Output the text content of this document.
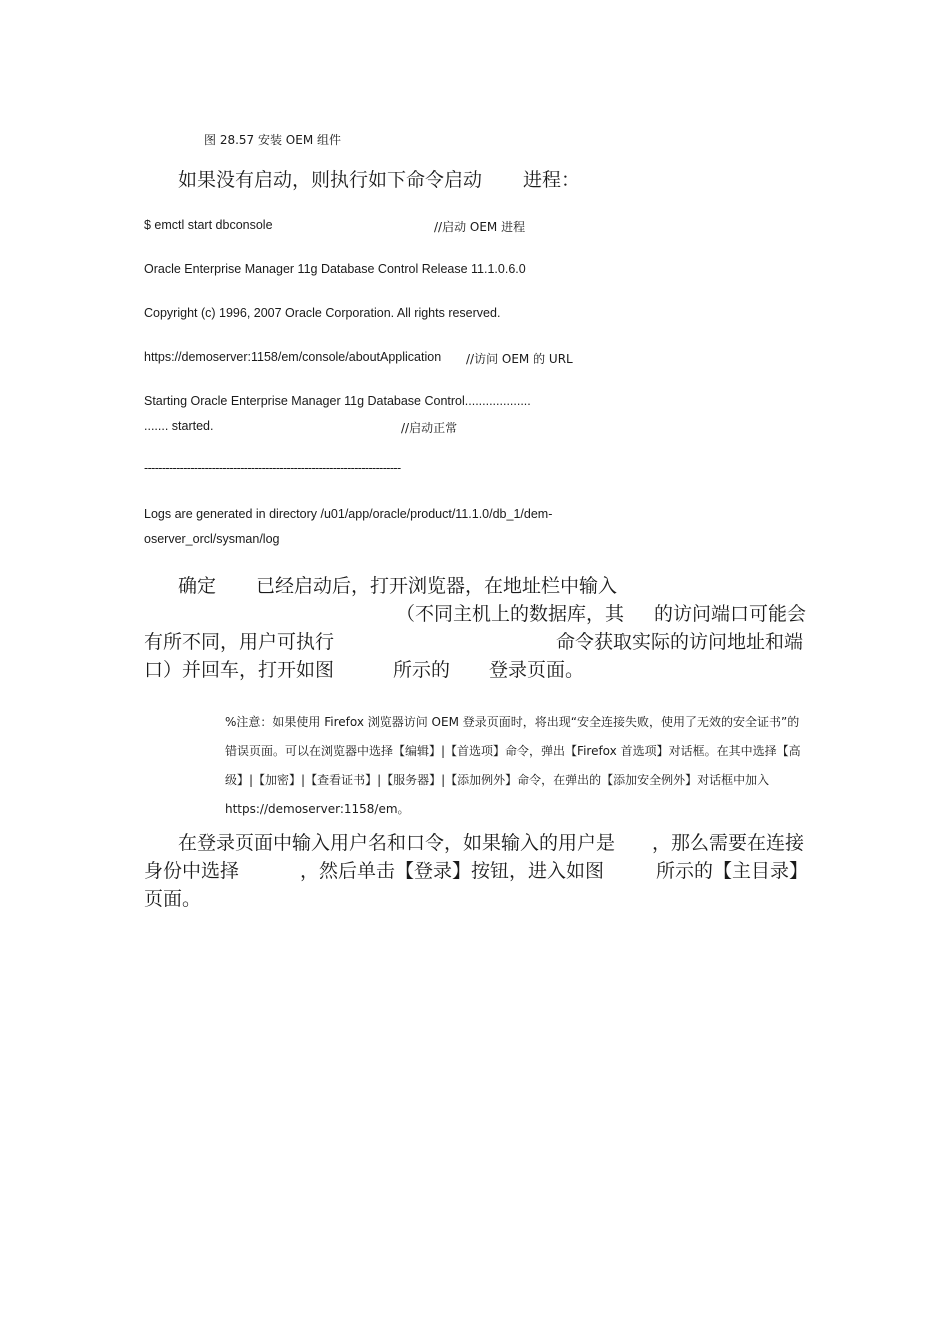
图 28.57 安装 OEM 组件
如果没有启动，则执行如下命令启动 进程：
$ emctl start dbconsole	//启动 OEM 进程
Oracle Enterprise Manager 11g Database Control Release 11.1.0.6.0
Copyright (c) 1996, 2007 Oracle Corporation. All rights reserved.
https://demoserver:1158/em/console/aboutApplication //访问 OEM 的 URL
Starting Oracle Enterprise Manager 11g Database Control...................
....... started.	//启动正常
------------------------------------------------------------------------
Logs are generated in directory /u01/app/oracle/product/11.1.0/db_1/dem-
oserver_orcl/sysman/log
确定 已经启动后，打开浏览器，在地址栏中输入
（不同主机上的数据库，其 的访问端口可能会
有所不同，用户可执行	命令获取实际的访问地址和端
口）并回车，打开如图	所示的 登录页面。
%注意：如果使用 Firefox 浏览器访问 OEM 登录页面时，将出现“安全连接失败，使用了无效的安全证书”的错误页面。可以在浏览器中选择【编辑】|【首选项】命令，弹出【Firefox 首选项】对话框。在其中选择【高级】|【加密】|【查看证书】|【服务器】|【添加例外】命令，在弹出的【添加安全例外】对话框中加入 https://demoserver:1158/em。
在登录页面中输入用户名和口令，如果输入的用户是 ，那么需要在连接
身份中选择	，然后单击【登录】按钮，进入如图	所示的【主目录】
页面。
